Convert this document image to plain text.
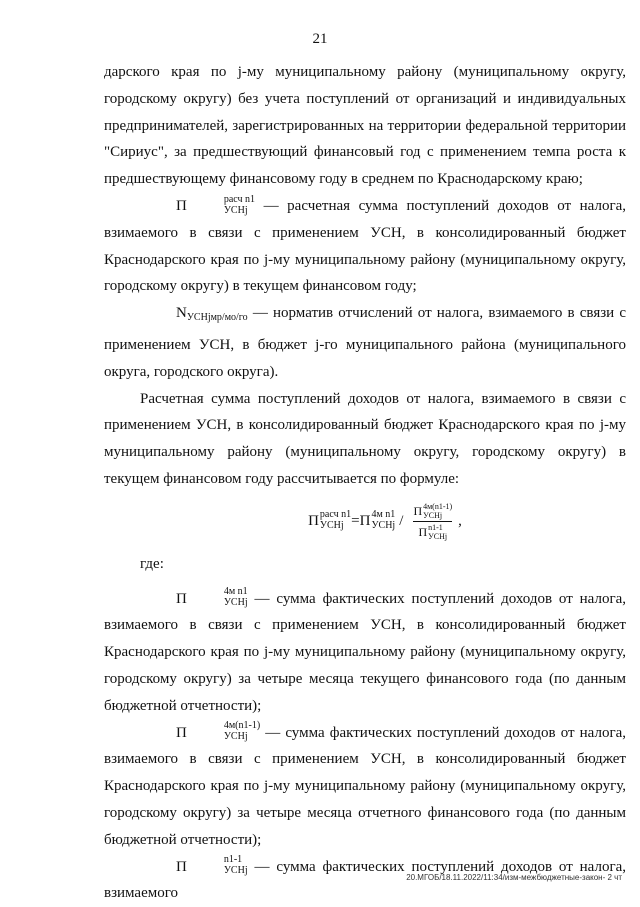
21

дарского края по j-му муниципальному району (муниципальному округу, городскому округу) без учета поступлений от организаций и индивидуальных предпринимателей, зарегистрированных на территории федеральной территории "Сириус", за предшествующий финансовый год с применением темпа роста к предшествующему финансовому году в среднем по Краснодарскому краю;

П	расч n1
УСНj	— расчетная сумма поступлений доходов от налога, взимаемого в связи с применением УСН, в консолидированный бюджет Краснодарского края по j-му муниципальному району (муниципальному округу, городскому округу) в текущем финансовом году;

$N_{УСНjмр/мо/го}$ — норматив отчислений от налога, взимаемого в связи с применением УСН, в бюджет j-го муниципального района (муниципального округа, городского округа).

Расчетная сумма поступлений доходов от налога, взимаемого в связи с применением УСН, в консолидированный бюджет Краснодарского края по j-му муниципальному району (муниципальному округу, городскому округу) в текущем финансовом году рассчитывается по формуле:

П расч n1
УСНj = П 4м n1
УСНj / П 4м(n1-1)
УСНj
П n1-1
УСНj ,

где:

П	4м n1
УСНj — сумма фактических поступлений доходов от налога, взимаемого в связи с применением УСН, в консолидированный бюджет Краснодарского края по j-му муниципальному району (муниципальному округу, городскому округу) за четыре месяца текущего финансового года (по данным бюджетной отчетности);

П	4м(n1-1)
УСНj	— сумма фактических поступлений доходов от налога, взимаемого в связи с применением УСН, в консолидированный бюджет Краснодарского края по j-му муниципальному району (муниципальному округу, городскому округу) за четыре месяца отчетного финансового года (по данным бюджетной отчетности);

П	n1-1
УСНj — сумма фактических поступлений доходов от налога, взимаемого

20.МГОБ/18.11.2022/11:34/изм-межбюджетные-закон- 2 чт
